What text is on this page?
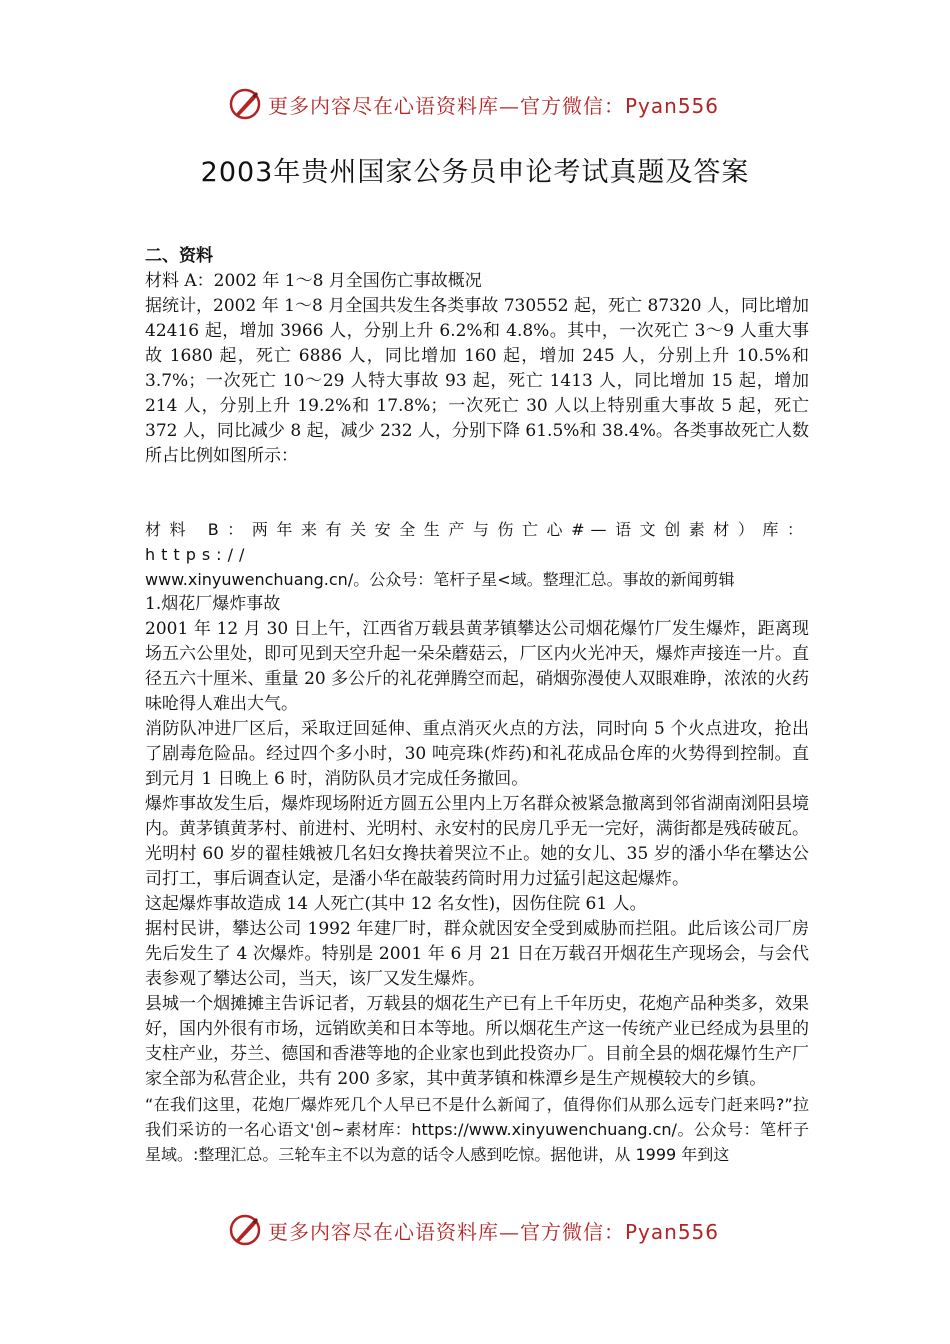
更多内容尽在心语资料库—官方微信：Pyan556
2003年贵州国家公务员申论考试真题及答案

二、资料

材料 A：2002 年 1～8 月全国伤亡事故概况

据统计，2002 年 1～8 月全国共发生各类事故 730552 起，死亡 87320 人，同比增加 42416 起，增加 3966 人，分别上升 6.2%和 4.8%。其中，一次死亡 3～9 人重大事故 1680 起，死亡 6886 人，同比增加 160 起，增加 245 人，分别上升 10.5%和 3.7%；一次死亡 10～29 人特大事故 93 起，死亡 1413 人，同比增加 15 起，增加 214 人，分别上升 19.2%和 17.8%；一次死亡 30 人以上特别重大事故 5 起，死亡 372 人，同比减少 8 起，减少 232 人，分别下降 61.5%和 38.4%。各类事故死亡人数所占比例如图所示：

材料 B：两年来有关安全生产与伤亡心#—语文创素材）库：https://

www.xinyuwenchuang.cn/。公众号：笔杆子星<域。整理汇总。事故的新闻剪辑

1.烟花厂爆炸事故

2001 年 12 月 30 日上午，江西省万载县黄茅镇攀达公司烟花爆竹厂发生爆炸，距离现场五六公里处，即可见到天空升起一朵朵蘑菇云，厂区内火光冲天，爆炸声接连一片。直径五六十厘米、重量 20 多公斤的礼花弹腾空而起，硝烟弥漫使人双眼难睁，浓浓的火药味呛得人难出大气。

消防队冲进厂区后，采取迂回延伸、重点消灭火点的方法，同时向 5 个火点进攻，抢出了剧毒危险品。经过四个多小时，30 吨亮珠(炸药)和礼花成品仓库的火势得到控制。直到元月 1 日晚上 6 时，消防队员才完成任务撤回。

爆炸事故发生后，爆炸现场附近方圆五公里内上万名群众被紧急撤离到邻省湖南浏阳县境内。黄茅镇黄茅村、前进村、光明村、永安村的民房几乎无一完好，满街都是残砖破瓦。光明村 60 岁的翟桂娥被几名妇女搀扶着哭泣不止。她的女儿、35 岁的潘小华在攀达公司打工，事后调查认定，是潘小华在敲装药筒时用力过猛引起这起爆炸。

这起爆炸事故造成 14 人死亡(其中 12 名女性)，因伤住院 61 人。

据村民讲，攀达公司 1992 年建厂时，群众就因安全受到威胁而拦阻。此后该公司厂房先后发生了 4 次爆炸。特别是 2001 年 6 月 21 日在万载召开烟花生产现场会，与会代表参观了攀达公司，当天，该厂又发生爆炸。

县城一个烟摊摊主告诉记者，万载县的烟花生产已有上千年历史，花炮产品种类多，效果好，国内外很有市场，远销欧美和日本等地。所以烟花生产这一传统产业已经成为县里的支柱产业，芬兰、德国和香港等地的企业家也到此投资办厂。目前全县的烟花爆竹生产厂家全部为私营企业，共有 200 多家，其中黄茅镇和株潭乡是生产规模较大的乡镇。

“在我们这里，花炮厂爆炸死几个人早已不是什么新闻了，值得你们从那么远专门赶来吗?”拉我们采访的一名心语文'创~素材库：https://www.xinyuwenchuang.cn/。公众号：笔杆子星域。:整理汇总。三轮车主不以为意的话令人感到吃惊。据他讲，从 1999 年到这

更多内容尽在心语资料库—官方微信：Pyan556
